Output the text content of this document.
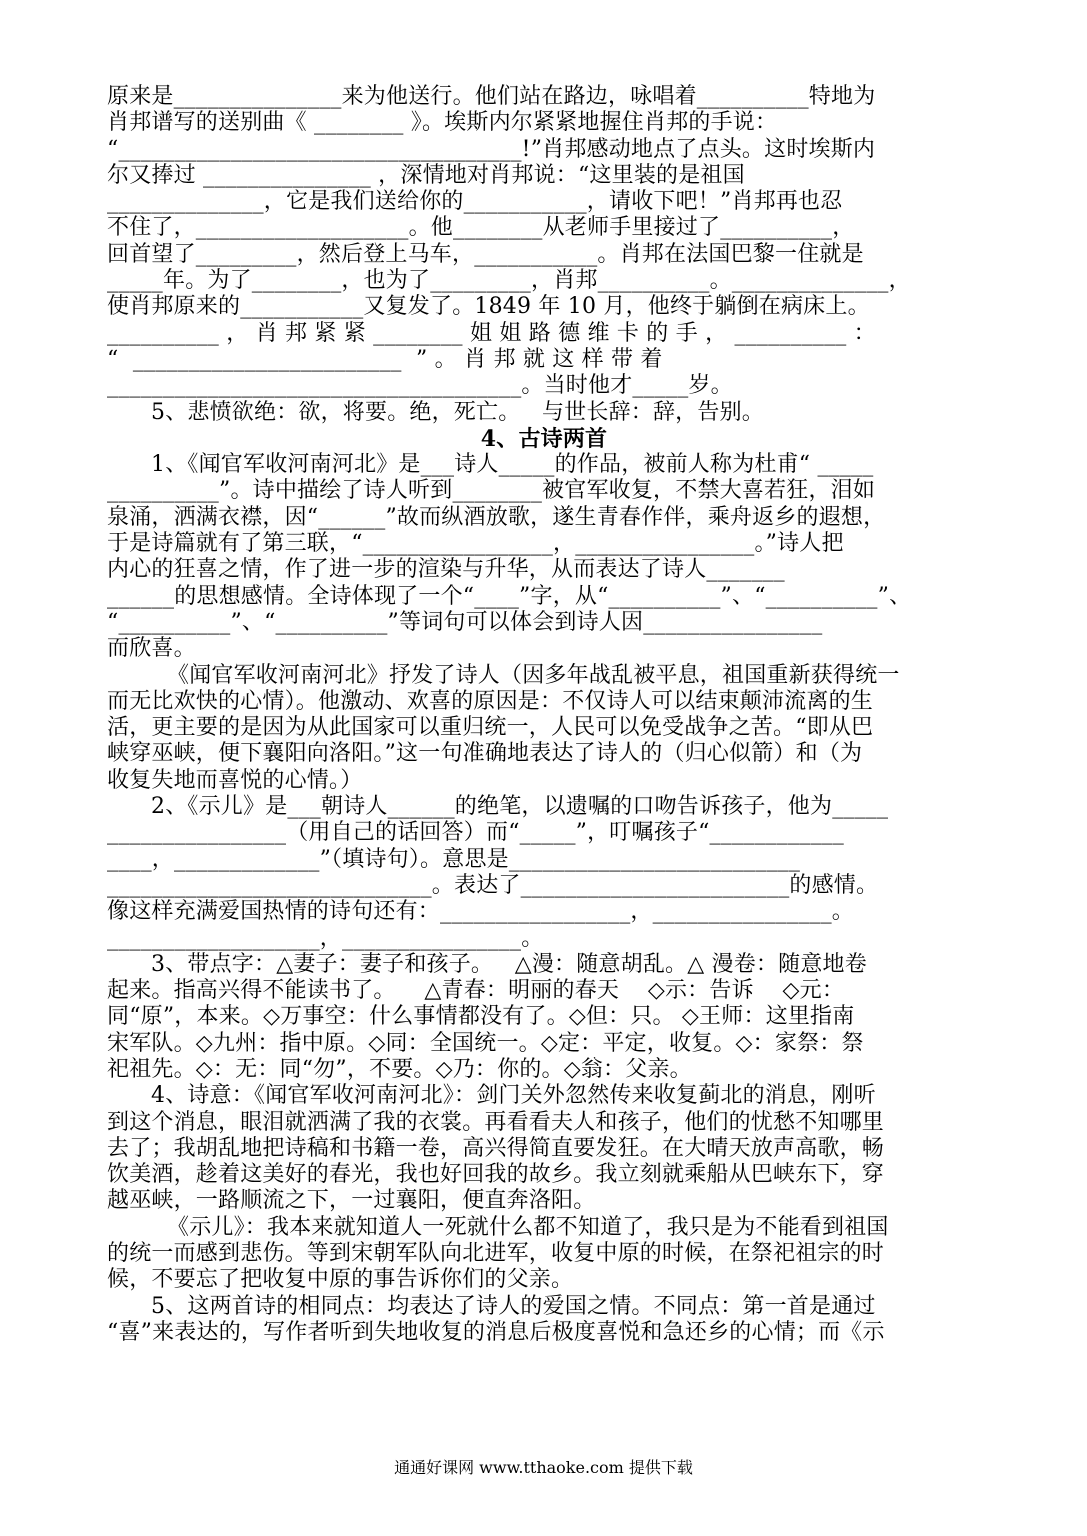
原来是_______________来为他送行。他们站在路边，咏唱着__________特地为
肖邦谱写的送别曲《 ________ 》。埃斯内尔紧紧地握住肖邦的手说：
“____________________________________!”肖邦感动地点了点头。这时埃斯内
尔又捧过 _______________ ，深情地对肖邦说：“这里装的是祖国
______________，它是我们送给你的___________，请收下吧！”肖邦再也忍
不住了，___________________。他________从老师手里接过了__________，
回首望了_________，然后登上马车，___________。肖邦在法国巴黎一住就是
_____年。为了________，也为了_________，肖邦__________。______________，
使肖邦原来的___________又复发了。1849 年 10 月，他终于躺倒在病床上。
__________ ， 肖 邦 紧 紧 ________ 姐 姐 路 德 维 卡 的 手 ， __________ ：
“  ________________________  ” 。 肖 邦 就 这 样 带 着
_____________________________________。当时他才_____岁。
5、悲愤欲绝：欲，将要。绝，死亡。   与世长辞：辞，告别。
4、古诗两首
1、《闻官军收河南河北》是___诗人_____的作品，被前人称为杜甫“ _____
__________”。诗中描绘了诗人听到________被官军收复，不禁大喜若狂，泪如
泉涌，洒满衣襟，因“______”故而纵酒放歌，遂生青春作伴，乘舟返乡的遐想，
于是诗篇就有了第三联，“_________________，________________。”诗人把
内心的狂喜之情，作了进一步的渲染与升华，从而表达了诗人_______
______的思想感情。全诗体现了一个“____”字，从“__________”、“__________”、
“__________”、“__________”等词句可以体会到诗人因________________
而欣喜。
《闻官军收河南河北》抒发了诗人（因多年战乱被平息，祖国重新获得统一
而无比欢快的心情）。他激动、欢喜的原因是：不仅诗人可以结束颠沛流离的生
活，更主要的是因为从此国家可以重归统一，人民可以免受战争之苦。“即从巴
峡穿巫峡，便下襄阳向洛阳。”这一句准确地表达了诗人的（归心似箭）和（为
收复失地而喜悦的心情。）
2、《示儿》是___朝诗人______的绝笔，以遗嘱的口吻告诉孩子，他为_____
________________（用自己的话回答）而“_____”，叮嘱孩子“____________
____，_____________”（填诗句）。意思是__________________________
_____________________________。表达了________________________的感情。
像这样充满爱国热情的诗句还有：_________________，________________。
___________________，________________。
3、带点字：△妻子：妻子和孩子。   △漫：随意胡乱。△ 漫卷：随意地卷
起来。指高兴得不能读书了。    △青春：明丽的春天    ◇示：告诉    ◇元：
同“原”，本来。◇万事空：什么事情都没有了。◇但：只。 ◇王师：这里指南
宋军队。◇九州：指中原。◇同：全国统一。◇定：平定，收复。◇：家祭：祭
祀祖先。◇：无：同“勿”，不要。◇乃：你的。◇翁：父亲。
4、诗意：《闻官军收河南河北》：剑门关外忽然传来收复蓟北的消息，刚听
到这个消息，眼泪就洒满了我的衣裳。再看看夫人和孩子，他们的忧愁不知哪里
去了；我胡乱地把诗稿和书籍一卷，高兴得简直要发狂。在大晴天放声高歌，畅
饮美酒，趁着这美好的春光，我也好回我的故乡。我立刻就乘船从巴峡东下，穿
越巫峡，一路顺流之下，一过襄阳，便直奔洛阳。
《示儿》：我本来就知道人一死就什么都不知道了，我只是为不能看到祖国
的统一而感到悲伤。等到宋朝军队向北进军，收复中原的时候，在祭祀祖宗的时
候，不要忘了把收复中原的事告诉你们的父亲。
5、这两首诗的相同点：均表达了诗人的爱国之情。不同点：第一首是通过
“喜”来表达的，写作者听到失地收复的消息后极度喜悦和急还乡的心情；而《示
通通好课网 www.tthaoke.com 提供下载
